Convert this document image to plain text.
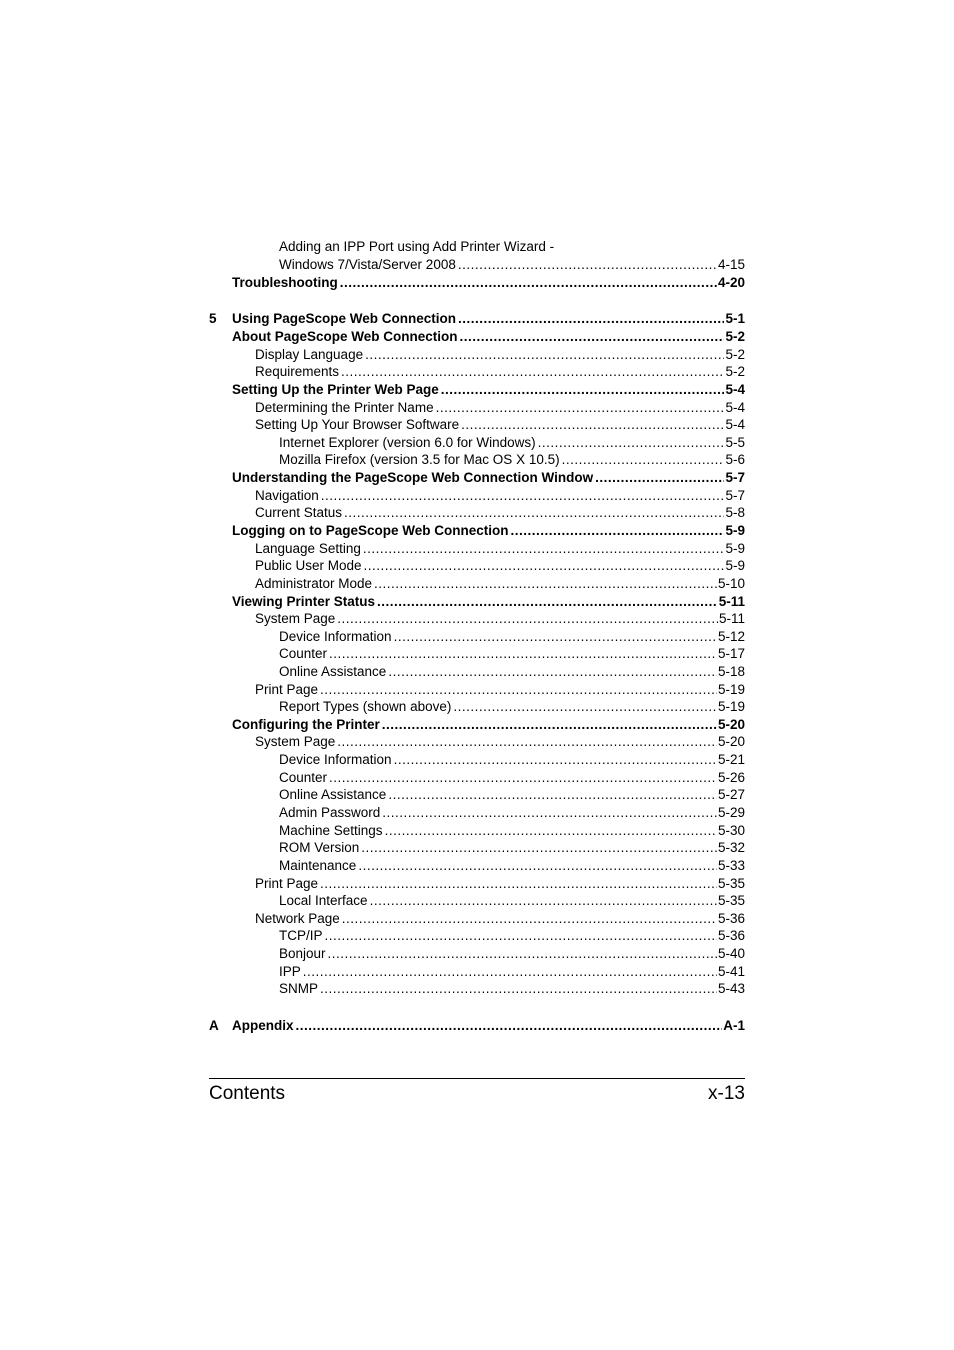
Adding an IPP Port using Add Printer Wizard -
Windows 7/Vista/Server 2008 .....	4-15
Troubleshooting .....	4-20
5 Using PageScope Web Connection .....	5-1
About PageScope Web Connection .....	5-2
Display Language .....	5-2
Requirements .....	5-2
Setting Up the Printer Web Page .....	5-4
Determining the Printer Name .....	5-4
Setting Up Your Browser Software .....	5-4
Internet Explorer (version 6.0 for Windows) .....	5-5
Mozilla Firefox (version 3.5 for Mac OS X 10.5) .....	5-6
Understanding the PageScope Web Connection Window .....	5-7
Navigation .....	5-7
Current Status .....	5-8
Logging on to PageScope Web Connection .....	5-9
Language Setting .....	5-9
Public User Mode .....	5-9
Administrator Mode .....	5-10
Viewing Printer Status .....	5-11
System Page .....	5-11
Device Information .....	5-12
Counter .....	5-17
Online Assistance .....	5-18
Print Page .....	5-19
Report Types (shown above) .....	5-19
Configuring the Printer .....	5-20
System Page .....	5-20
Device Information .....	5-21
Counter .....	5-26
Online Assistance .....	5-27
Admin Password .....	5-29
Machine Settings .....	5-30
ROM Version .....	5-32
Maintenance .....	5-33
Print Page .....	5-35
Local Interface .....	5-35
Network Page .....	5-36
TCP/IP .....	5-36
Bonjour .....	5-40
IPP .....	5-41
SNMP .....	5-43
A Appendix .....	A-1
Contents	x-13
